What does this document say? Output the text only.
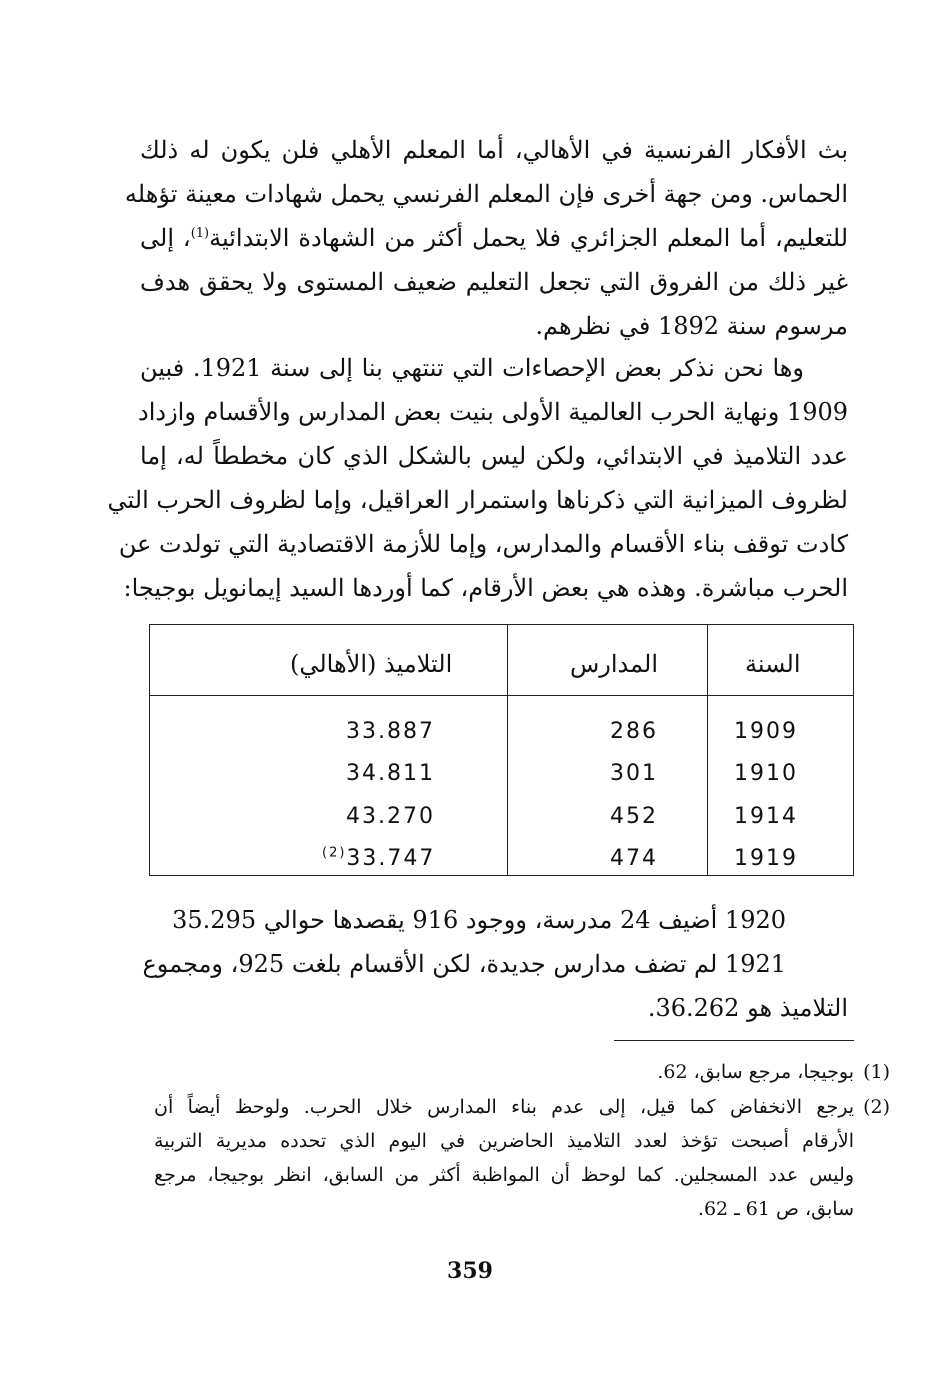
بث الأفكار الفرنسية في الأهالي، أما المعلم الأهلي فلن يكون له ذلك
الحماس. ومن جهة أخرى فإن المعلم الفرنسي يحمل شهادات معينة تؤهله
للتعليم، أما المعلم الجزائري فلا يحمل أكثر من الشهادة الابتدائية$^{(1)}$، إلى
غير ذلك من الفروق التي تجعل التعليم ضعيف المستوى ولا يحقق هدف
مرسوم سنة 1892 في نظرهم.
وها نحن نذكر بعض الإحصاءات التي تنتهي بنا إلى سنة 1921. فبين
1909 ونهاية الحرب العالمية الأولى بنيت بعض المدارس والأقسام وازداد
عدد التلاميذ في الابتدائي، ولكن ليس بالشكل الذي كان مخططاً له، إما
لظروف الميزانية التي ذكرناها واستمرار العراقيل، وإما لظروف الحرب التي
كادت توقف بناء الأقسام والمدارس، وإما للأزمة الاقتصادية التي تولدت عن
الحرب مباشرة. وهذه هي بعض الأرقام، كما أوردها السيد إيمانويل بوجيجا:
السنة
المدارس
التلاميذ (الأهالي)
1909
286
33.887
1910
301
34.811
1914
452
43.270
1919
474
$^{(2)}$33.747
1920 أضيف 24 مدرسة، ووجود 916 يقصدها حوالي 35.295
1921 لم تضف مدارس جديدة، لكن الأقسام بلغت 925، ومجموع
التلاميذ هو 36.262.
(1)
بوجيجا، مرجع سابق، 62.
(2)
يرجع الانخفاض كما قيل، إلى عدم بناء المدارس خلال الحرب. ولوحظ أيضاً أن
الأرقام أصبحت تؤخذ لعدد التلاميذ الحاضرين في اليوم الذي تحدده مديرية التربية
وليس عدد المسجلين. كما لوحظ أن المواظبة أكثر من السابق، انظر بوجيجا، مرجع
سابق، ص 61 ـ 62.
359
